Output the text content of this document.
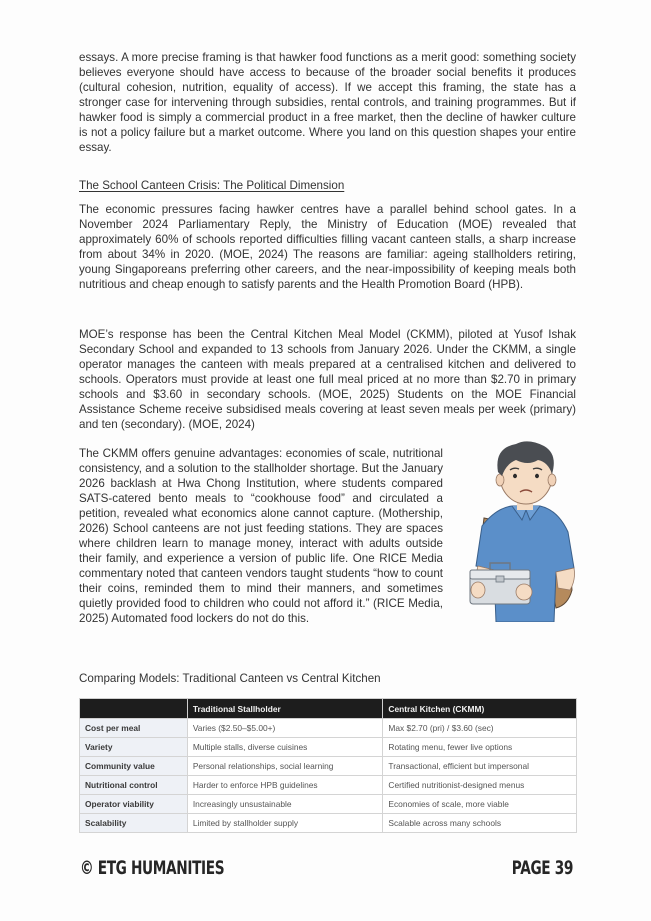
essays. A more precise framing is that hawker food functions as a merit good: something society believes everyone should have access to because of the broader social benefits it produces (cultural cohesion, nutrition, equality of access). If we accept this framing, the state has a stronger case for intervening through subsidies, rental controls, and training programmes. But if hawker food is simply a commercial product in a free market, then the decline of hawker culture is not a policy failure but a market outcome. Where you land on this question shapes your entire essay.

The School Canteen Crisis: The Political Dimension

The economic pressures facing hawker centres have a parallel behind school gates. In a November 2024 Parliamentary Reply, the Ministry of Education (MOE) revealed that approximately 60% of schools reported difficulties filling vacant canteen stalls, a sharp increase from about 34% in 2020. (MOE, 2024) The reasons are familiar: ageing stallholders retiring, young Singaporeans preferring other careers, and the near-impossibility of keeping meals both nutritious and cheap enough to satisfy parents and the Health Promotion Board (HPB).

MOE’s response has been the Central Kitchen Meal Model (CKMM), piloted at Yusof Ishak Secondary School and expanded to 13 schools from January 2026. Under the CKMM, a single operator manages the canteen with meals prepared at a centralised kitchen and delivered to schools. Operators must provide at least one full meal priced at no more than $2.70 in primary schools and $3.60 in secondary schools. (MOE, 2025) Students on the MOE Financial Assistance Scheme receive subsidised meals covering at least seven meals per week (primary) and ten (secondary). (MOE, 2024)

The CKMM offers genuine advantages: economies of scale, nutritional consistency, and a solution to the stallholder shortage. But the January 2026 backlash at Hwa Chong Institution, where students compared SATS-catered bento meals to “cookhouse food” and circulated a petition, revealed what economics alone cannot capture. (Mothership, 2026) School canteens are not just feeding stations. They are spaces where children learn to manage money, interact with adults outside their family, and experience a version of public life. One RICE Media commentary noted that canteen vendors taught students “how to count their coins, reminded them to mind their manners, and sometimes quietly provided food to children who could not afford it.” (RICE Media, 2025) Automated food lockers do not do this.

Comparing Models: Traditional Canteen vs Central Kitchen

	Traditional Stallholder	Central Kitchen (CKMM)
Cost per meal	Varies ($2.50–$5.00+)	Max $2.70 (pri) / $3.60 (sec)
Variety	Multiple stalls, diverse cuisines	Rotating menu, fewer live options
Community value	Personal relationships, social learning	Transactional, efficient but impersonal
Nutritional control	Harder to enforce HPB guidelines	Certified nutritionist-designed menus
Operator viability	Increasingly unsustainable	Economies of scale, more viable
Scalability	Limited by stallholder supply	Scalable across many schools
© ETG HUMANITIES	PAGE 39
